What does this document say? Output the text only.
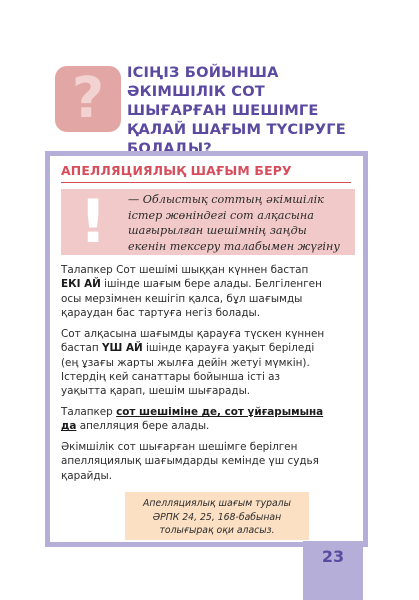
?	ІСІҢІЗ БОЙЫНША
ӘКІМШІЛІК СОТ
ШЫҒАРҒАН ШЕШІМГЕ
ҚАЛАЙ ШАҒЫМ ТҮСІРУГЕ
БОЛАДЫ?
АПЕЛЛЯЦИЯЛЫҚ ШАҒЫМ БЕРУ
! — Облыстық соттың әкімшілік
істер жөніндегі сот алқасына
шағырылған шешімнің заңды
екенін тексеру талабымен жүгіну

Талапкер Сот шешімі шыққан күннен бастап
ЕКІ АЙ ішінде шағым бере алады. Белгіленген
осы мерзімнен кешігіп қалса, бұл шағымды
қараудан бас тартуға негіз болады.

Сот алқасына шағымды қарауға түскен күннен
бастап ҮШ АЙ ішінде қарауға уақыт беріледі
(ең ұзағы жарты жылға дейін жетуі мүмкін).
Істердің кей санаттары бойынша істі аз
уақытта қарап, шешім шығарады.

Талапкер сот шешіміне де, сот ұйғарымына
да апелляция бере алады.

Әкімшілік сот шығарған шешімге берілген
апелляциялық шағымдарды кемінде үш судья
қарайды.

Апелляциялық шағым туралы
ӘРПК 24, 25, 168-бабынан
толығырақ оқи аласыз.

23
